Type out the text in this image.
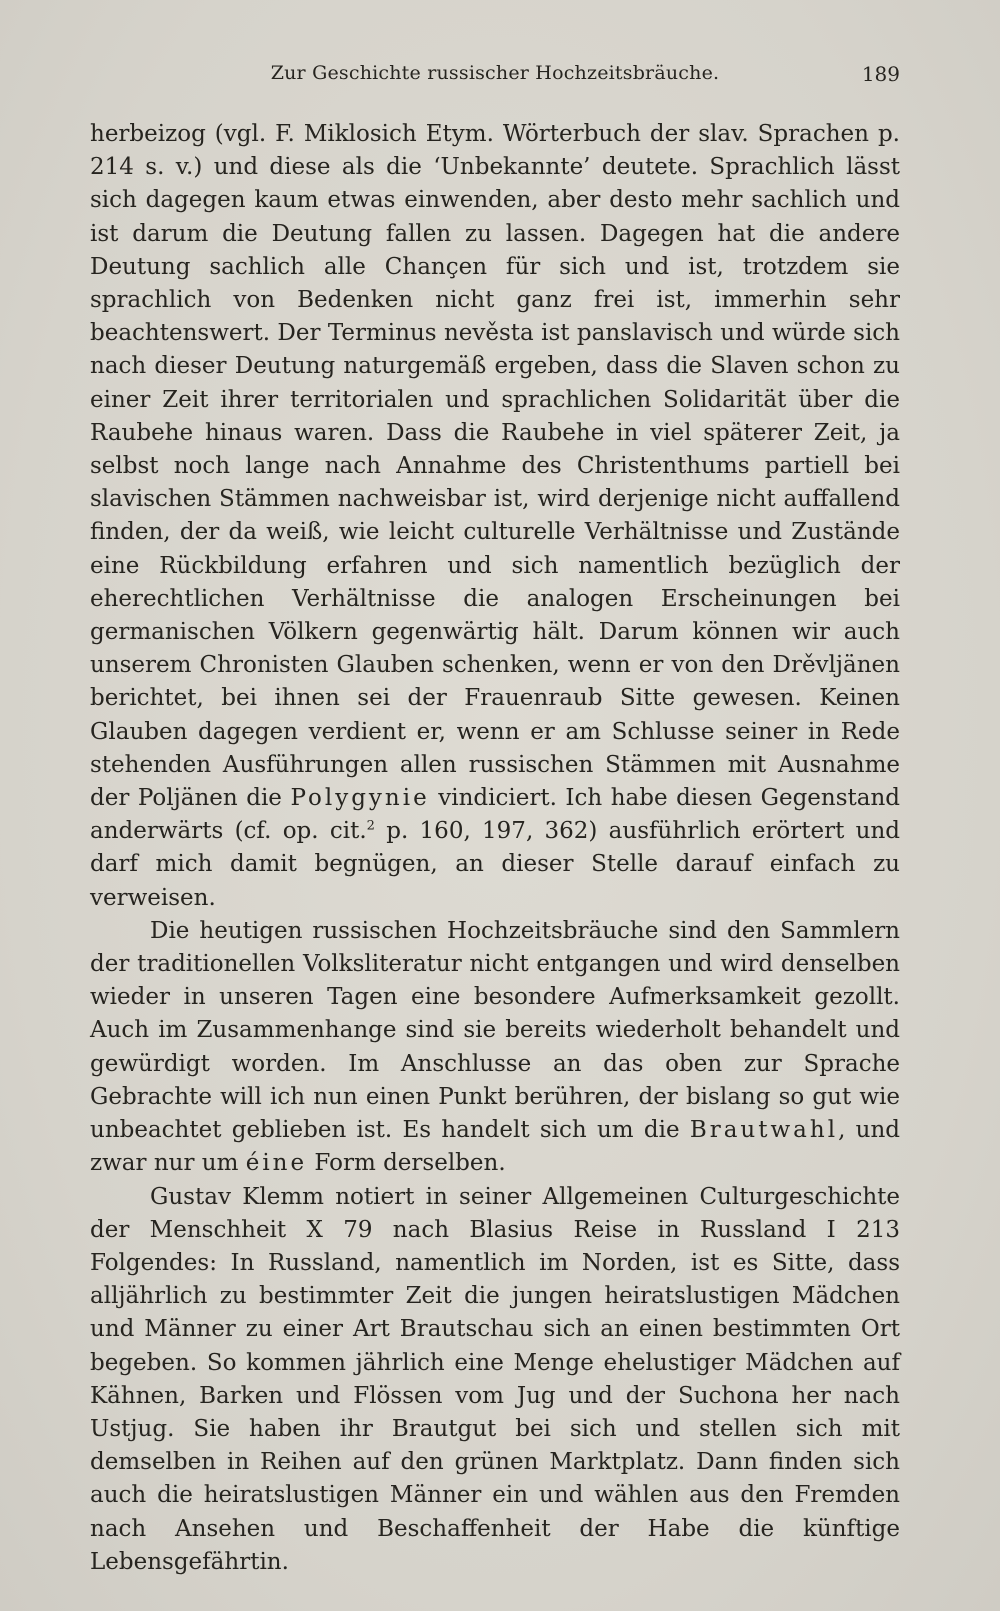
Zur Geschichte russischer Hochzeitsbräuche.	189

herbeizog (vgl. F. Miklosich Etym. Wörterbuch der slav. Sprachen p. 214 s. v.) und diese als die ‘Unbekannte’ deutete. Sprachlich lässt sich dagegen kaum etwas einwenden, aber desto mehr sachlich und ist darum die Deutung fallen zu lassen. Dagegen hat die andere Deutung sachlich alle Chançen für sich und ist, trotzdem sie sprachlich von Bedenken nicht ganz frei ist, immerhin sehr beachtenswert. Der Terminus nevěsta ist panslavisch und würde sich nach dieser Deutung naturgemäß ergeben, dass die Slaven schon zu einer Zeit ihrer territorialen und sprachlichen Solidarität über die Raubehe hinaus waren. Dass die Raubehe in viel späterer Zeit, ja selbst noch lange nach Annahme des Christenthums partiell bei slavischen Stämmen nachweisbar ist, wird derjenige nicht auffallend finden, der da weiß, wie leicht culturelle Verhältnisse und Zustände eine Rückbildung erfahren und sich namentlich bezüglich der eherechtlichen Verhältnisse die analogen Erscheinungen bei germanischen Völkern gegenwärtig hält. Darum können wir auch unserem Chronisten Glauben schenken, wenn er von den Drěvljänen berichtet, bei ihnen sei der Frauenraub Sitte gewesen. Keinen Glauben dagegen verdient er, wenn er am Schlusse seiner in Rede stehenden Ausführungen allen russischen Stämmen mit Ausnahme der Poljänen die Polygynie vindiciert. Ich habe diesen Gegenstand anderwärts (cf. op. cit.$^2$ p. 160, 197, 362) ausführlich erörtert und darf mich damit begnügen, an dieser Stelle darauf einfach zu verweisen.

Die heutigen russischen Hochzeitsbräuche sind den Sammlern der traditionellen Volksliteratur nicht entgangen und wird denselben wieder in unseren Tagen eine besondere Aufmerksamkeit gezollt. Auch im Zusammenhange sind sie bereits wiederholt behandelt und gewürdigt worden. Im Anschlusse an das oben zur Sprache Gebrachte will ich nun einen Punkt berühren, der bislang so gut wie unbeachtet geblieben ist. Es handelt sich um die Brautwahl, und zwar nur um éine Form derselben.

Gustav Klemm notiert in seiner Allgemeinen Culturgeschichte der Menschheit X 79 nach Blasius Reise in Russland I 213 Folgendes: In Russland, namentlich im Norden, ist es Sitte, dass alljährlich zu bestimmter Zeit die jungen heiratslustigen Mädchen und Männer zu einer Art Brautschau sich an einen bestimmten Ort begeben. So kommen jährlich eine Menge ehelustiger Mädchen auf Kähnen, Barken und Flössen vom Jug und der Suchona her nach Ustjug. Sie haben ihr Brautgut bei sich und stellen sich mit demselben in Reihen auf den grünen Marktplatz. Dann finden sich auch die heiratslustigen Männer ein und wählen aus den Fremden nach Ansehen und Beschaffenheit der Habe die künftige Lebensgefährtin.
